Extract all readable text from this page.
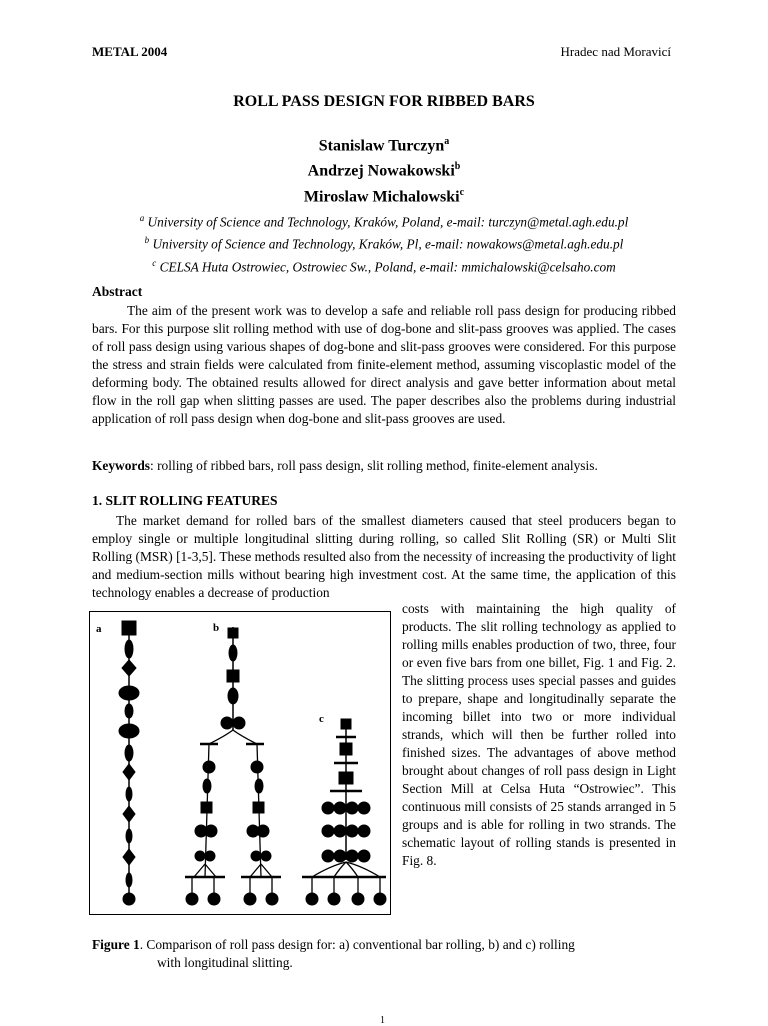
METAL 2004	Hradec nad Moravicí
ROLL PASS DESIGN FOR RIBBED BARS
Stanislaw Turczyn$^a$
Andrzej Nowakowski$^b$
Miroslaw Michalowski$^c$
$^a$ University of Science and Technology, Kraków, Poland, e-mail: turczyn@metal.agh.edu.pl
$^b$ University of Science and Technology, Kraków, Pl, e-mail: nowakows@metal.agh.edu.pl
$^c$ CELSA Huta Ostrowiec, Ostrowiec Sw., Poland, e-mail: mmichalowski@celsaho.com
Abstract
The aim of the present work was to develop a safe and reliable roll pass design for producing ribbed bars. For this purpose slit rolling method with use of dog-bone and slit-pass grooves was applied. The cases of roll pass design using various shapes of dog-bone and slit-pass grooves were considered. For this purpose the stress and strain fields were calculated from finite-element method, assuming viscoplastic model of the deforming body. The obtained results allowed for direct analysis and gave better information about metal flow in the roll gap when slitting passes are used. The paper describes also the problems during industrial application of roll pass design when dog-bone and slit-pass grooves are used.
Keywords: rolling of ribbed bars, roll pass design, slit rolling method, finite-element analysis.
1. SLIT ROLLING FEATURES
The market demand for rolled bars of the smallest diameters caused that steel producers began to employ single or multiple longitudinal slitting during rolling, so called Slit Rolling (SR) or Multi Slit Rolling (MSR) [1-3,5]. These methods resulted also from the necessity of increasing the productivity of light and medium-section mills without bearing high investment cost. At the same time, the application of this technology enables a decrease of production
costs with maintaining the high quality of products. The slit rolling technology as applied to rolling mills enables production of two, three, four or even five bars from one billet, Fig. 1 and Fig. 2. The slitting process uses special passes and guides to prepare, shape and longitudinally separate the incoming billet into two or more individual strands, which will then be further rolled into finished sizes. The advantages of above method brought about changes of roll pass design in Light Section Mill at Celsa Huta “Ostrowiec”. This continuous mill consists of 25 stands arranged in 5 groups and is able for rolling in two strands. The schematic layout of rolling stands is presented in Fig. 8.
a	b
c
Figure 1. Comparison of roll pass design for: a) conventional bar rolling, b) and c) rolling
with longitudinal slitting.
1
